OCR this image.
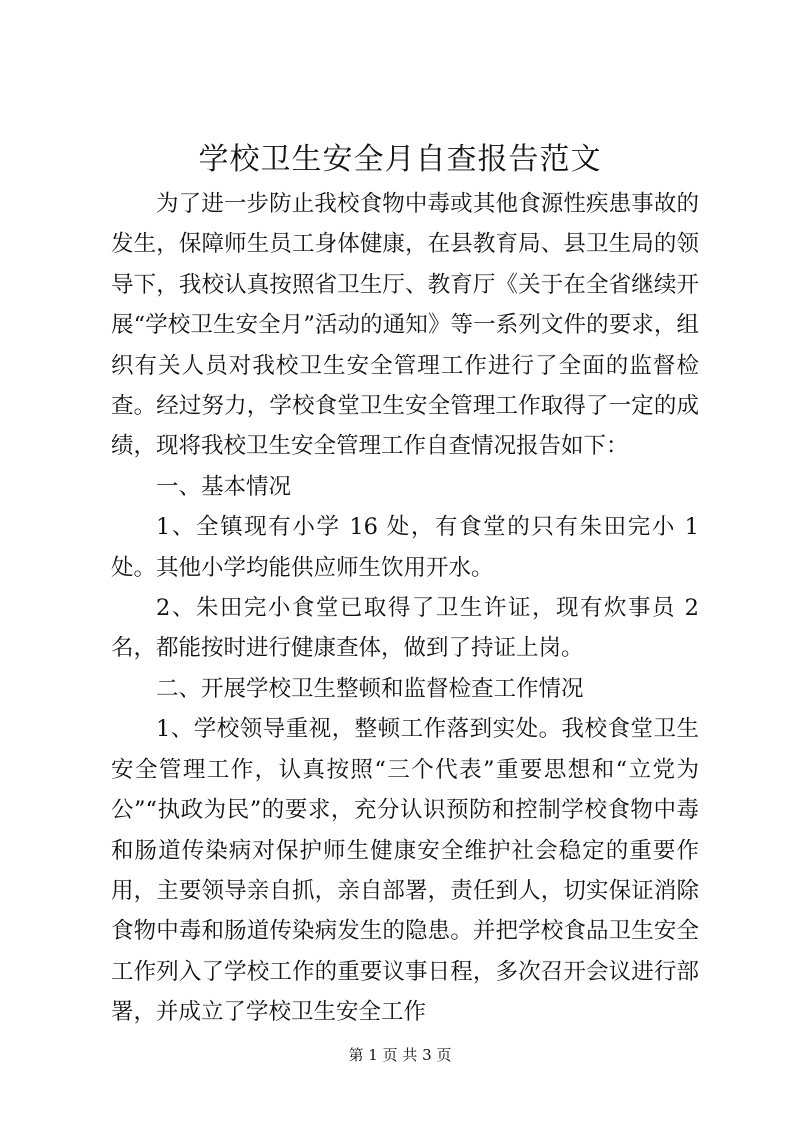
学校卫生安全月自查报告范文

为了进一步防止我校食物中毒或其他食源性疾患事故的发生，保障师生员工身体健康，在县教育局、县卫生局的领导下，我校认真按照省卫生厅、教育厅《关于在全省继续开展“学校卫生安全月”活动的通知》等一系列文件的要求，组织有关人员对我校卫生安全管理工作进行了全面的监督检查。经过努力，学校食堂卫生安全管理工作取得了一定的成绩，现将我校卫生安全管理工作自查情况报告如下：

一、基本情况

1、全镇现有小学 16 处，有食堂的只有朱田完小 1 处。其他小学均能供应师生饮用开水。

2、朱田完小食堂已取得了卫生许证，现有炊事员 2 名，都能按时进行健康查体，做到了持证上岗。

二、开展学校卫生整顿和监督检查工作情况

1、学校领导重视，整顿工作落到实处。我校食堂卫生安全管理工作，认真按照“三个代表”重要思想和“立党为公”“执政为民”的要求，充分认识预防和控制学校食物中毒和肠道传染病对保护师生健康安全维护社会稳定的重要作用，主要领导亲自抓，亲自部署，责任到人，切实保证消除食物中毒和肠道传染病发生的隐患。并把学校食品卫生安全工作列入了学校工作的重要议事日程，多次召开会议进行部署，并成立了学校卫生安全工作

第 1 页 共 3 页
